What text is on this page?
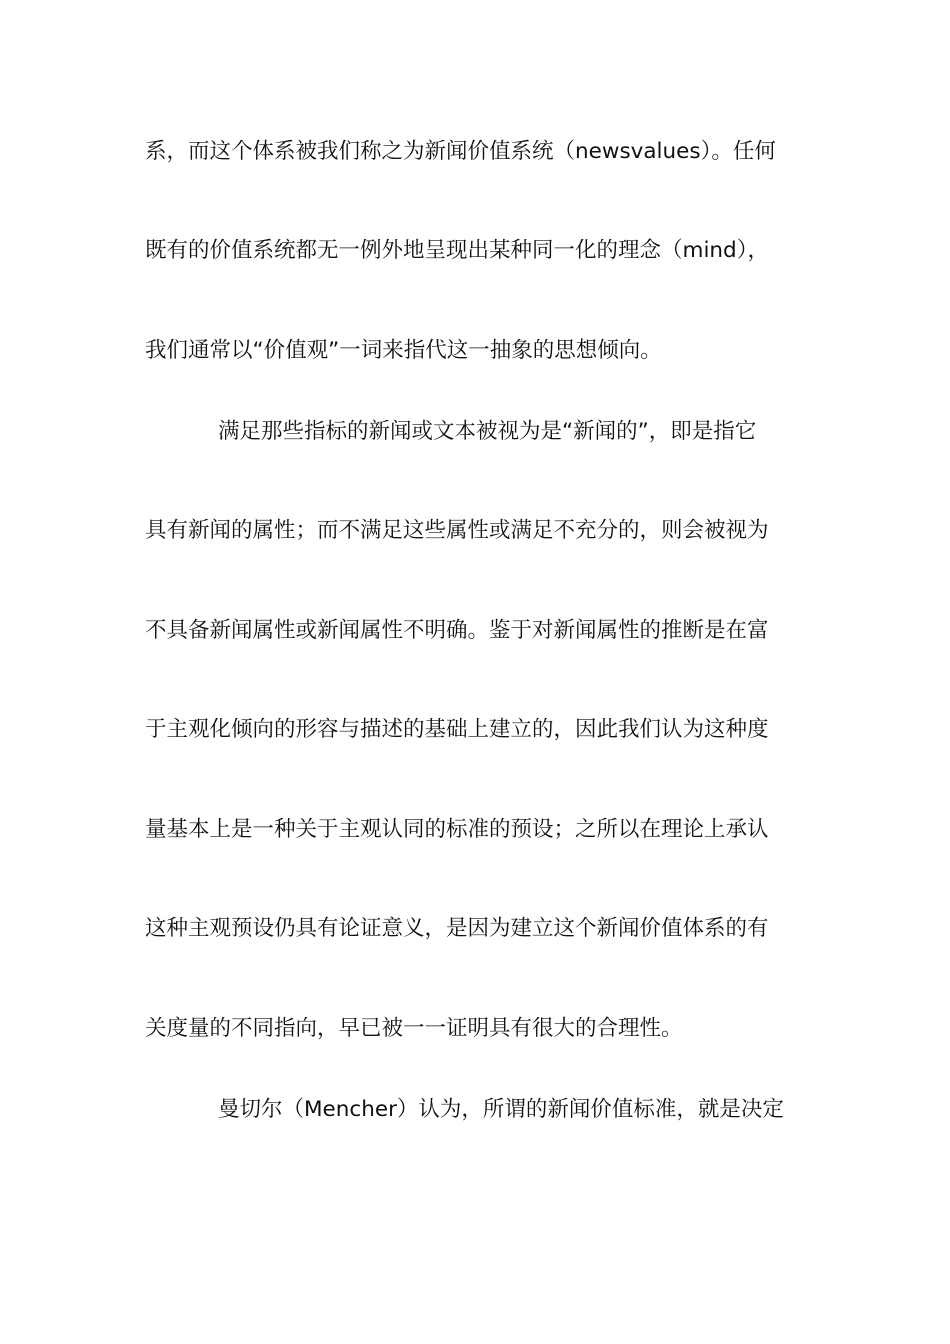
系，而这个体系被我们称之为新闻价值系统（newsvalues）。任何
既有的价值系统都无一例外地呈现出某种同一化的理念（mind），
我们通常以“价值观”一词来指代这一抽象的思想倾向。
满足那些指标的新闻或文本被视为是“新闻的”，即是指它
具有新闻的属性；而不满足这些属性或满足不充分的，则会被视为
不具备新闻属性或新闻属性不明确。鉴于对新闻属性的推断是在富
于主观化倾向的形容与描述的基础上建立的，因此我们认为这种度
量基本上是一种关于主观认同的标准的预设；之所以在理论上承认
这种主观预设仍具有论证意义，是因为建立这个新闻价值体系的有
关度量的不同指向，早已被一一证明具有很大的合理性。
曼切尔（Mencher）认为，所谓的新闻价值标准，就是决定
